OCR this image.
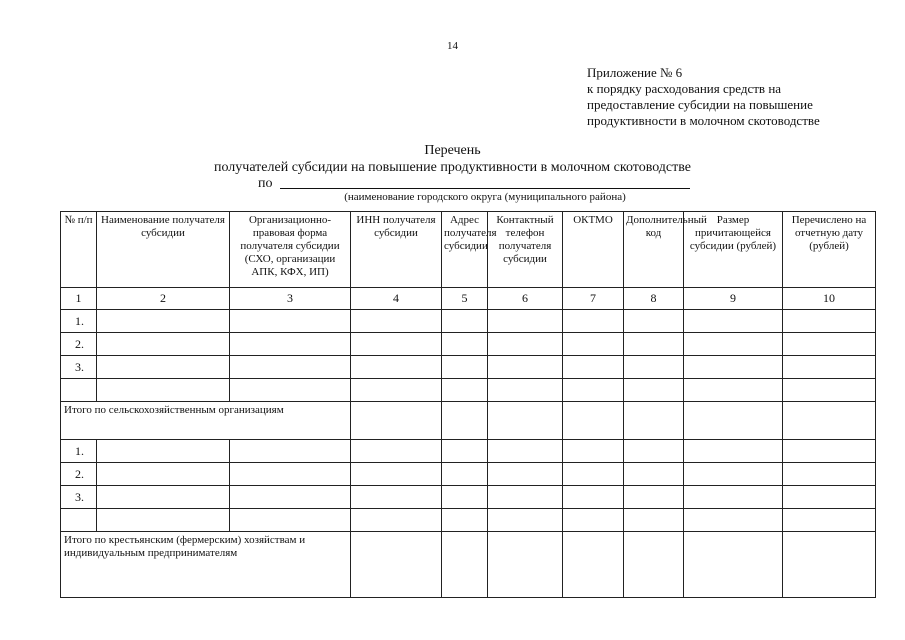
14
Приложение № 6
к порядку расходования средств на
предоставление субсидии на повышение
продуктивности в молочном скотоводстве
Перечень
получателей субсидии на повышение продуктивности в молочном скотоводстве
по
(наименование городского округа (муниципального района)
№ п/п	Наименование получателя субсидии	Организационно-правовая форма получателя субсидии (СХО, организации АПК, КФХ, ИП)	ИНН получателя субсидии	Адрес получателя субсидии	Контактный телефон получателя субсидии	ОКТМО	Дополнительный код	Размер причитающейся субсидии (рублей)	Перечислено на отчетную дату (рублей)
1	2	3	4	5	6	7	8	9	10
1.									
2.									
3.									

Итого по сельскохозяйственным организациям									
1.									
2.									
3.									

Итого по крестьянским (фермерским) хозяйствам и индивидуальным предпринимателям									
